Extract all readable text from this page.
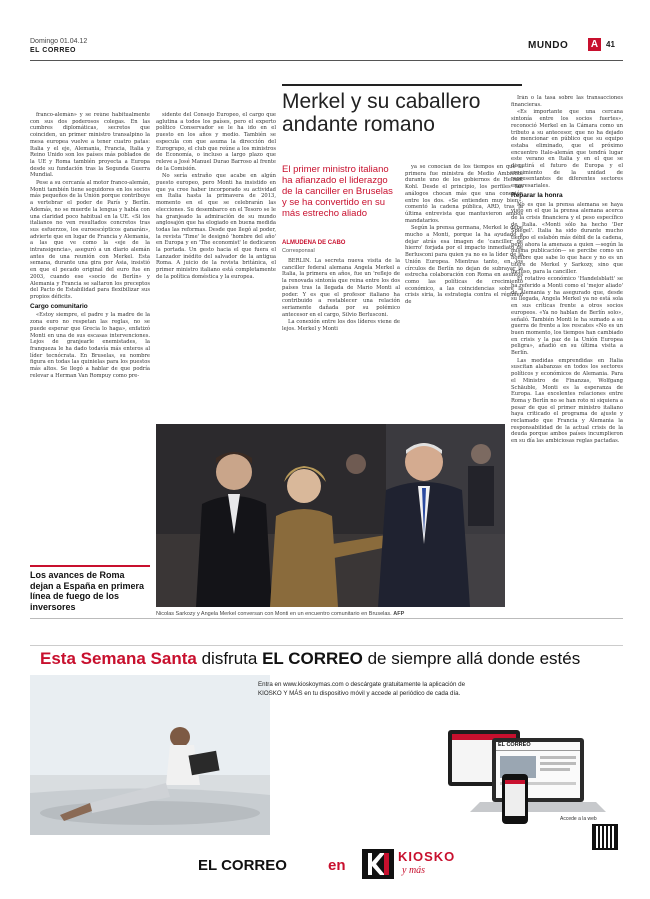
Domingo 01.04.12
EL CORREO	MUNDO A 41

franco-alemán» y se reúne habitualmente con sus dos poderosos colegas. En las cumbres diplomáticas, secretos que coinciden, un primer ministro transalpino la mesa europea vuelve a tener cuatro patas: Italia y el eje, Alemania, Francia, Italia y Reino Unido son los países más poblados de la UE y Roma también proyecta a Europa desde su fundación tras la Segunda Guerra Mundial.

Pese a su cercanía al motor franco-alemán, Monti también tiene seguidores en los socios más pequeños de la Unión porque contribuye a vertebrar el poder de París y Berlín. Además, no se muerde la lengua y habla con una claridad poco habitual en la UE. «Si los italianos no ven resultados concretos tras sus esfuerzos, los euroescépticos ganarán», advierte que en lugar de Francia y Alemania, a las que ve como la «eje de la intransigencia», aseguró a un diario alemán antes de una reunión con Merkel. Esta semana, durante una gira por Asia, insistió en que el pecado original del euro fue en 2003, cuando ese «socio de Berlín» y Alemania y Francia se saltaron los preceptos del Pacto de Estabilidad para flexibilizar sus propios déficits.

Cargo comunitario

«Estoy siempre, el padre y la madre de la zona euro no respetan las reglas, no se puede esperar que Grecia lo haga», enfatizó Monti en una de sus escasas intervenciones. Lejos de granjearle enemistades, la franqueza le ha dado todavía más enteros al líder tecnócrata. En Bruselas, su nombre figura en todas las quinielas para los puestos más altos. Se llegó a hablar de que podría relevar a Herman Van Rompuy como pre-

Los avances de Roma dejan a España en primera línea de fuego de los inversores

sidente del Consejo Europeo, el cargo que aglutina a todos los países, pero el experto político Conservador se le ha ido en el puesto en los años y medio. También se especula con que asuma la dirección del Eurogrupo, el club que reúne a los ministros de Economía, o incluso a largo plazo que releve a José Manuel Durao Barroso al frente de la Comisión.

No sería extraño que acabe en algún puesto europeo, pero Monti ha insistido en que ya cree haber incorporado su actividad en Italia hasta la primavera de 2013, momento en el que se celebrarán las elecciones. Su desembarco en el Tesoro se le ha granjeado la admiración de su mundo anglosajón que ha elogiado en buena medida todas las reformas. Desde que llegó al poder, la revista 'Time' le designó 'hombre del año' en Europa y en 'The economist' le dedicaron la portada. Un gesto hacia el que fuera el Lanzador inédito del salvador de la antigua Roma. A juicio de la revista británica, el primer ministro italiano está completamente de la política doméstica y la europea.

Merkel y su caballero andante romano
El primer ministro italiano ha afianzado el liderazgo de la canciller en Bruselas y se ha convertido en su más estrecho aliado
ALMUDENA DE CABO
Corresponsal

BERLÍN. La secreta nueva visita de la canciller federal alemana Angela Merkel a Italia, la primera en años, fue un 'reflejo de la renovada sintonía que reina entre los dos países tras la llegada de Mario Monti al poder. Y es que el profesor italiano ha contribuido a restablecer una relación seriamente dañada por su polémico antecesor en el cargo, Silvio Berlusconi.

La conexión entre los dos líderes viene de lejos. Merkel y Monti

ya se conocían de los tiempos en que la primera fue ministra de Medio Ambiente durante uno de los gobiernos de Helmut Kohl. Desde el principio, los perfiles tan análogos chocan más que una conexión entre los dos. «Se entienden muy bien», comentó la cadena pública, ARD, tras la última entrevista que mantuvieron ambos mandatarios.

Según la prensa germana, Merkel le debe mucho a Monti, porque la ha ayudado a dejar atrás esa imagen de 'canciller de hierro' forjada por el impacto inmediato de Berlusconi para quien ya no es la líder de la Unión Europea. Mientras tanto, en los círculos de Berlín no dejan de subrayar la estrecha colaboración con Roma en asuntos como las políticas de crecimiento económico, a las coincidencias sobre la crisis siria, la estrategia contra el régimen de

Irán o la tasa sobre las transacciones financieras.

«Es importante que una cercana sintonía entre los socios fuertes», reconoció Merkel en la Cámara como un tributo a su antecesor, que no ha dejado de mencionar en público que su equipo estaba eliminado, que el próximo encuentro Italo-alemán que tendrá lugar este verano en Italia y en el que se discutirá el futuro de Europa y el crecimiento de la unidad de representantes de diferentes sectores empresariales.

Reparar la honra

No es que la prensa alemana se haya visto en el que la prensa alemana acerca de la crisis financiera y el peso específico de Italia. «Monti sólo ha hecho 'Der Spiegel'. Italia ha sido durante mucho tiempo el eslabón más débil de la cadena, pero ahora la amenaza a quien —según la misma publicación— se percibe como un hombre que sabe lo que hace y no es un títere de Merkel y Sarkozy, sino que incluso, para la canciller.

El rotativo económico 'Handelsblatt' se ha referido a Monti como el 'mejor aliado' de Alemania y ha asegurado que, desde su llegada, Angela Merkel ya no está sola en sus críticas frente a otros socios europeos. «Ya no hablan de Berlín solo», señaló. También Monti le ha sumado a su guerra de frente a los rescates «No es un buen momento, los tiempos han cambiado en crisis y la paz de la Unión Europea peligra», añadió en su última visita a Berlín.

Las medidas emprendidas en Italia suscitan alabanzas en todos los sectores políticos y económicos de Alemania. Para el Ministro de Finanzas, Wolfgang Schäuble, Monti es la esperanza de Europa. Las excelentes relaciones entre Roma y Berlín no se han roto ni siquiera a pesar de que el primer ministro italiano haya criticado el programa de ajuste y reclamado que Francia y Alemania la responsabilidad de la actual crisis de la deuda porque ambos países incumplieron en su día las ambiciosas reglas pactadas.

Nicolas Sarkozy y Angela Merkel conversan con Monti en un encuentro comunitario en Bruselas. AFP
Esta Semana Santa disfruta EL CORREO de siempre allá donde estés
Entra en www.kioskoymas.com o descárgate gratuitamente la aplicación de KIOSKO Y MÁS en tu dispositivo móvil y accede al periódico de cada día.
EL CORREO
Accede a la web
EL CORREO	en
KIOSKO
y más
